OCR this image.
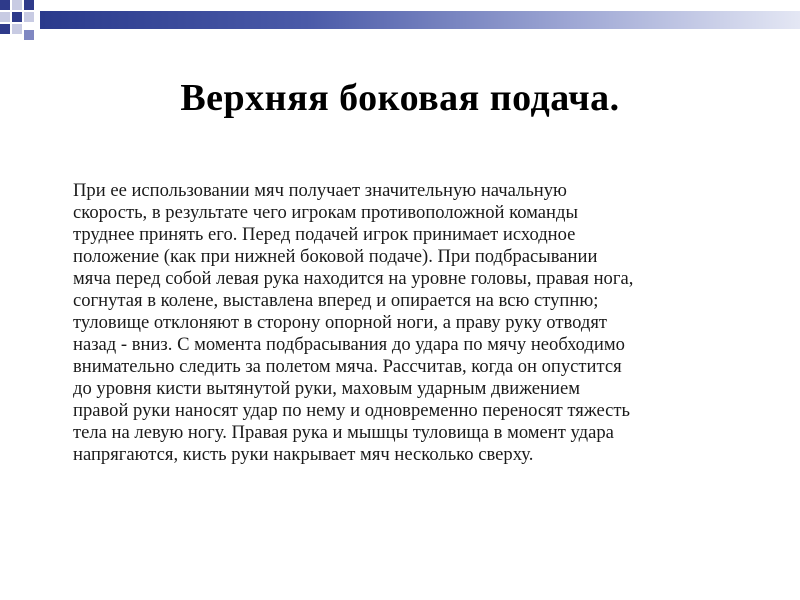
Верхняя боковая подача.
При ее использовании мяч получает значительную начальную
скорость, в результате чего игрокам противоположной команды
труднее принять его. Перед подачей игрок принимает исходное
положение (как при нижней боковой подаче). При подбрасывании
мяча перед собой левая рука находится на уровне головы, правая нога,
согнутая в колене, выставлена вперед и опирается на всю ступню;
туловище отклоняют в сторону опорной ноги, а праву руку отводят
назад - вниз. С момента подбрасывания до удара по мячу необходимо
внимательно следить за полетом мяча. Рассчитав, когда он опустится
до уровня кисти вытянутой руки, маховым ударным движением
правой руки наносят удар по нему и одновременно переносят тяжесть
тела на левую ногу. Правая рука и мышцы туловища в момент удара
напрягаются, кисть руки накрывает мяч несколько сверху.
